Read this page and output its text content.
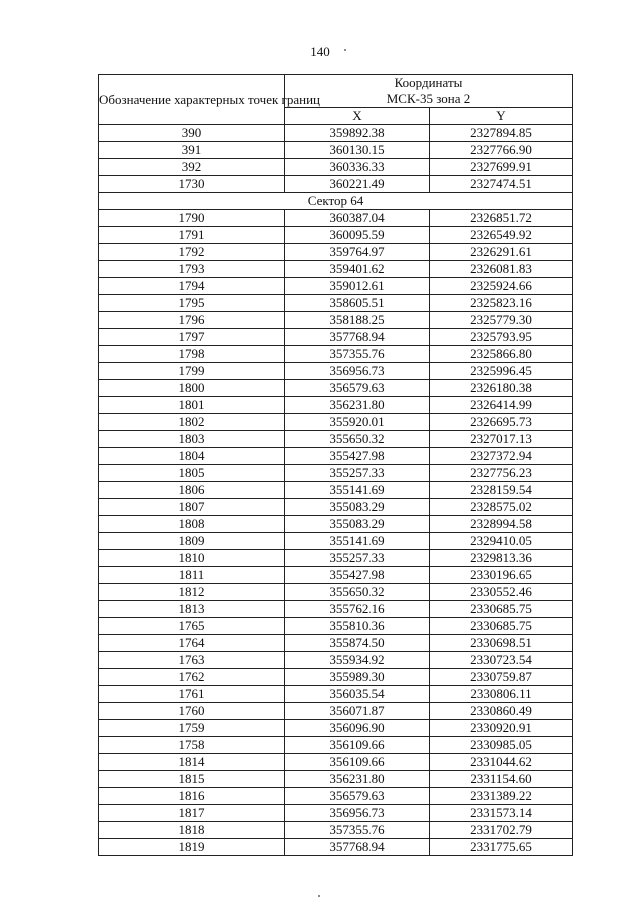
140
Обозначение характерных точек границ	Координаты
МСК-35 зона 2	

	X	Y
390	359892.38	2327894.85
391	360130.15	2327766.90
392	360336.33	2327699.91
1730	360221.49	2327474.51
Сектор 64		
1790	360387.04	2326851.72
1791	360095.59	2326549.92
1792	359764.97	2326291.61
1793	359401.62	2326081.83
1794	359012.61	2325924.66
1795	358605.51	2325823.16
1796	358188.25	2325779.30
1797	357768.94	2325793.95
1798	357355.76	2325866.80
1799	356956.73	2325996.45
1800	356579.63	2326180.38
1801	356231.80	2326414.99
1802	355920.01	2326695.73
1803	355650.32	2327017.13
1804	355427.98	2327372.94
1805	355257.33	2327756.23
1806	355141.69	2328159.54
1807	355083.29	2328575.02
1808	355083.29	2328994.58
1809	355141.69	2329410.05
1810	355257.33	2329813.36
1811	355427.98	2330196.65
1812	355650.32	2330552.46
1813	355762.16	2330685.75
1765	355810.36	2330685.75
1764	355874.50	2330698.51
1763	355934.92	2330723.54
1762	355989.30	2330759.87
1761	356035.54	2330806.11
1760	356071.87	2330860.49
1759	356096.90	2330920.91
1758	356109.66	2330985.05
1814	356109.66	2331044.62
1815	356231.80	2331154.60
1816	356579.63	2331389.22
1817	356956.73	2331573.14
1818	357355.76	2331702.79
1819	357768.94	2331775.65
